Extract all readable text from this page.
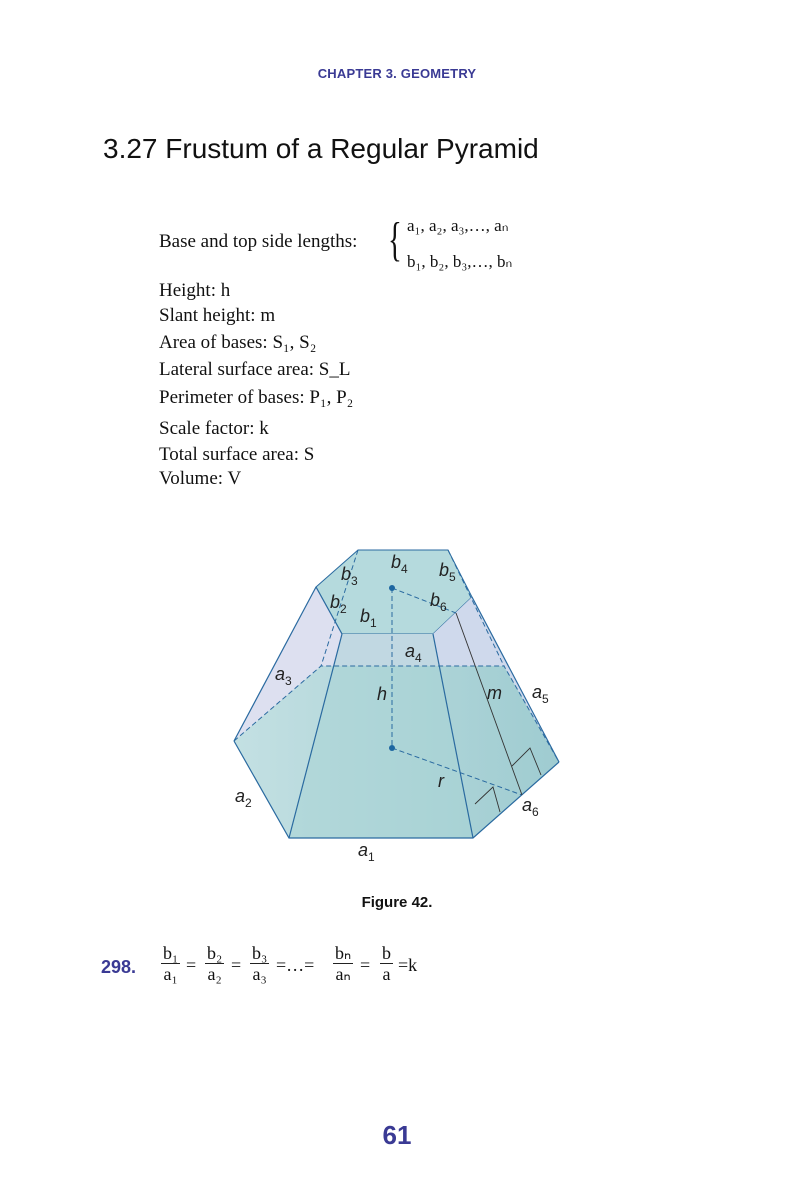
CHAPTER 3. GEOMETRY
3.27 Frustum of a Regular Pyramid
Base and top side lengths: { a₁, a₂, a₃,…, aₙ
b₁, b₂, b₃,…, bₙ
Height: h
Slant height: m
Area of bases: S₁, S₂
Lateral surface area: S_L
Perimeter of bases: P₁, P₂
Scale factor: k
Total surface area: S
Volume: V
$a_1$
$a_2$
$a_3$
$a_4$
$a_5$
$a_6$
$b_1$
$b_2$
$b_3$
$b_4$ $b_5$
$b_6$
h	m
r
Figure 42.
298. $\frac{\text{b₁}}{\text{a₁}} = \frac{\text{b₂}}{\text{a₂}} = \frac{\text{b₃}}{\text{a₃}}$ =…= $\frac{\text{bₙ}}{\text{aₙ}} = \frac{b}{a} =k$
61
